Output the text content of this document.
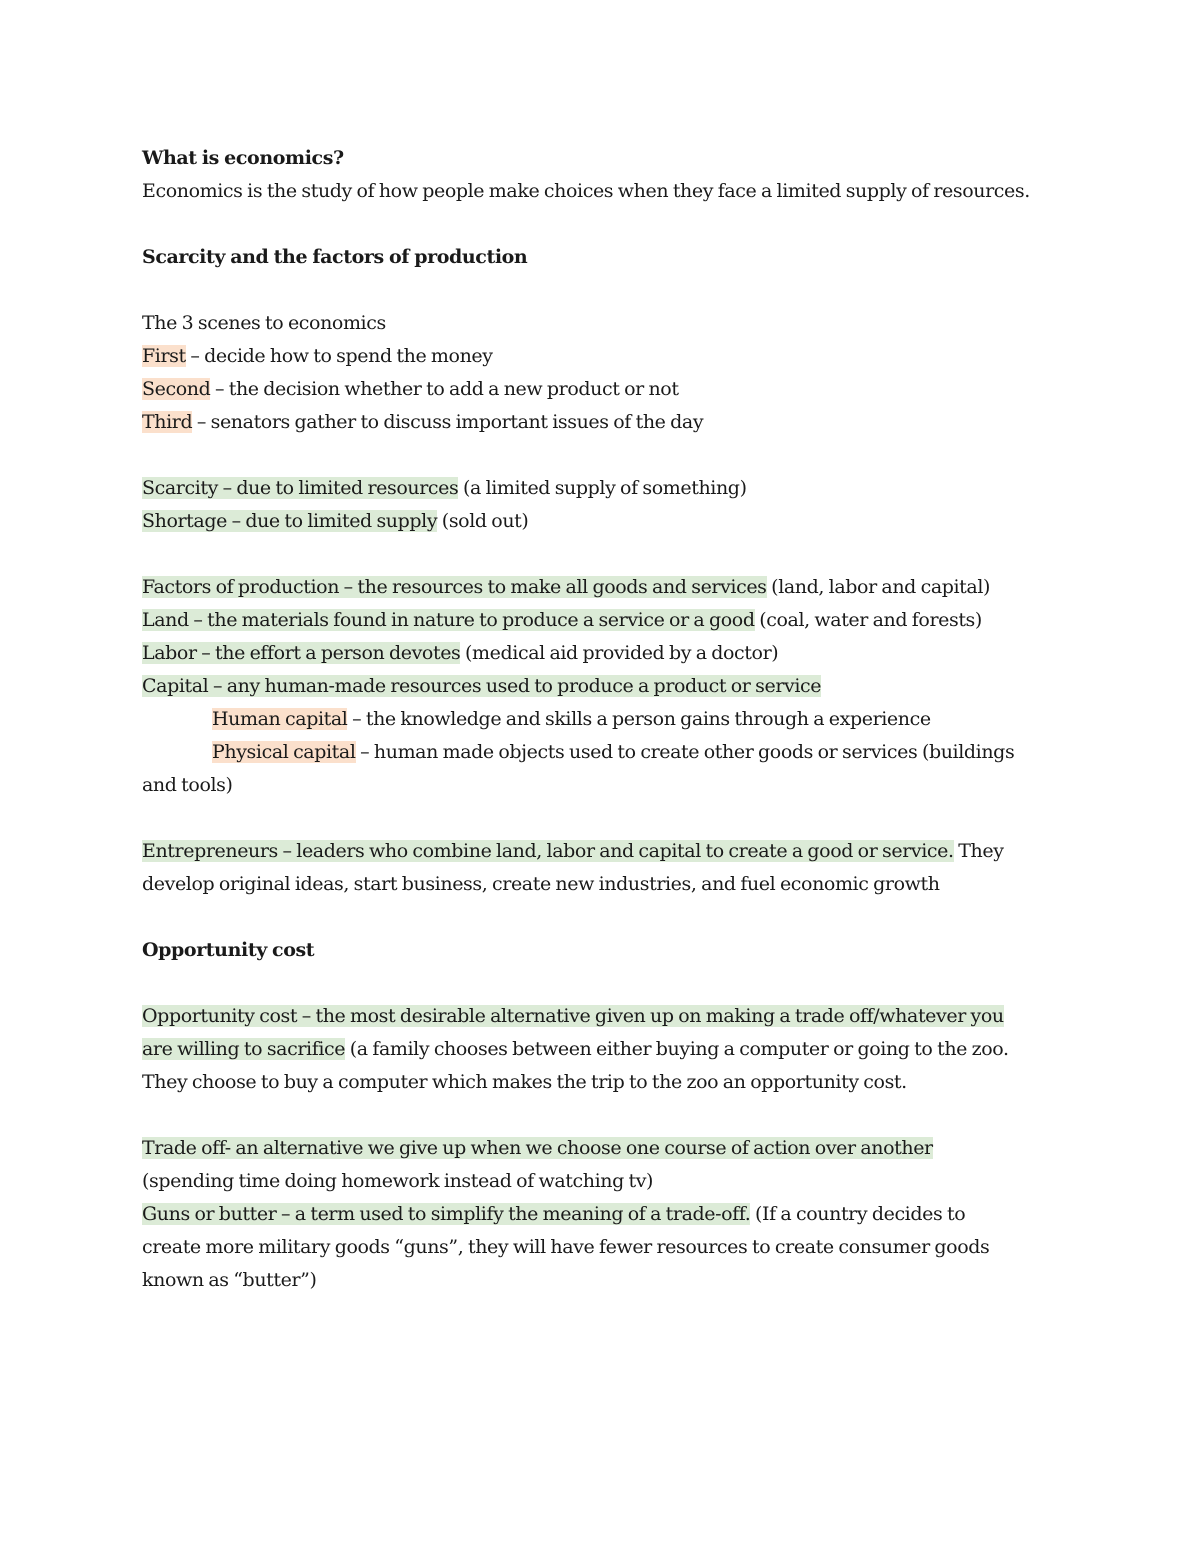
What is economics?
Economics is the study of how people make choices when they face a limited supply of resources.
Scarcity and the factors of production
The 3 scenes to economics
First – decide how to spend the money
Second – the decision whether to add a new product or not
Third – senators gather to discuss important issues of the day
Scarcity – due to limited resources (a limited supply of something)
Shortage – due to limited supply (sold out)
Factors of production – the resources to make all goods and services (land, labor and capital)
Land – the materials found in nature to produce a service or a good (coal, water and forests)
Labor – the effort a person devotes (medical aid provided by a doctor)
Capital – any human-made resources used to produce a product or service
Human capital – the knowledge and skills a person gains through a experience
Physical capital – human made objects used to create other goods or services (buildings
and tools)
Entrepreneurs – leaders who combine land, labor and capital to create a good or service. They
develop original ideas, start business, create new industries, and fuel economic growth
Opportunity cost
Opportunity cost – the most desirable alternative given up on making a trade off/whatever you
are willing to sacrifice (a family chooses between either buying a computer or going to the zoo.
They choose to buy a computer which makes the trip to the zoo an opportunity cost.
Trade off- an alternative we give up when we choose one course of action over another
(spending time doing homework instead of watching tv)
Guns or butter – a term used to simplify the meaning of a trade-off. (If a country decides to
create more military goods “guns”, they will have fewer resources to create consumer goods
known as “butter”)
